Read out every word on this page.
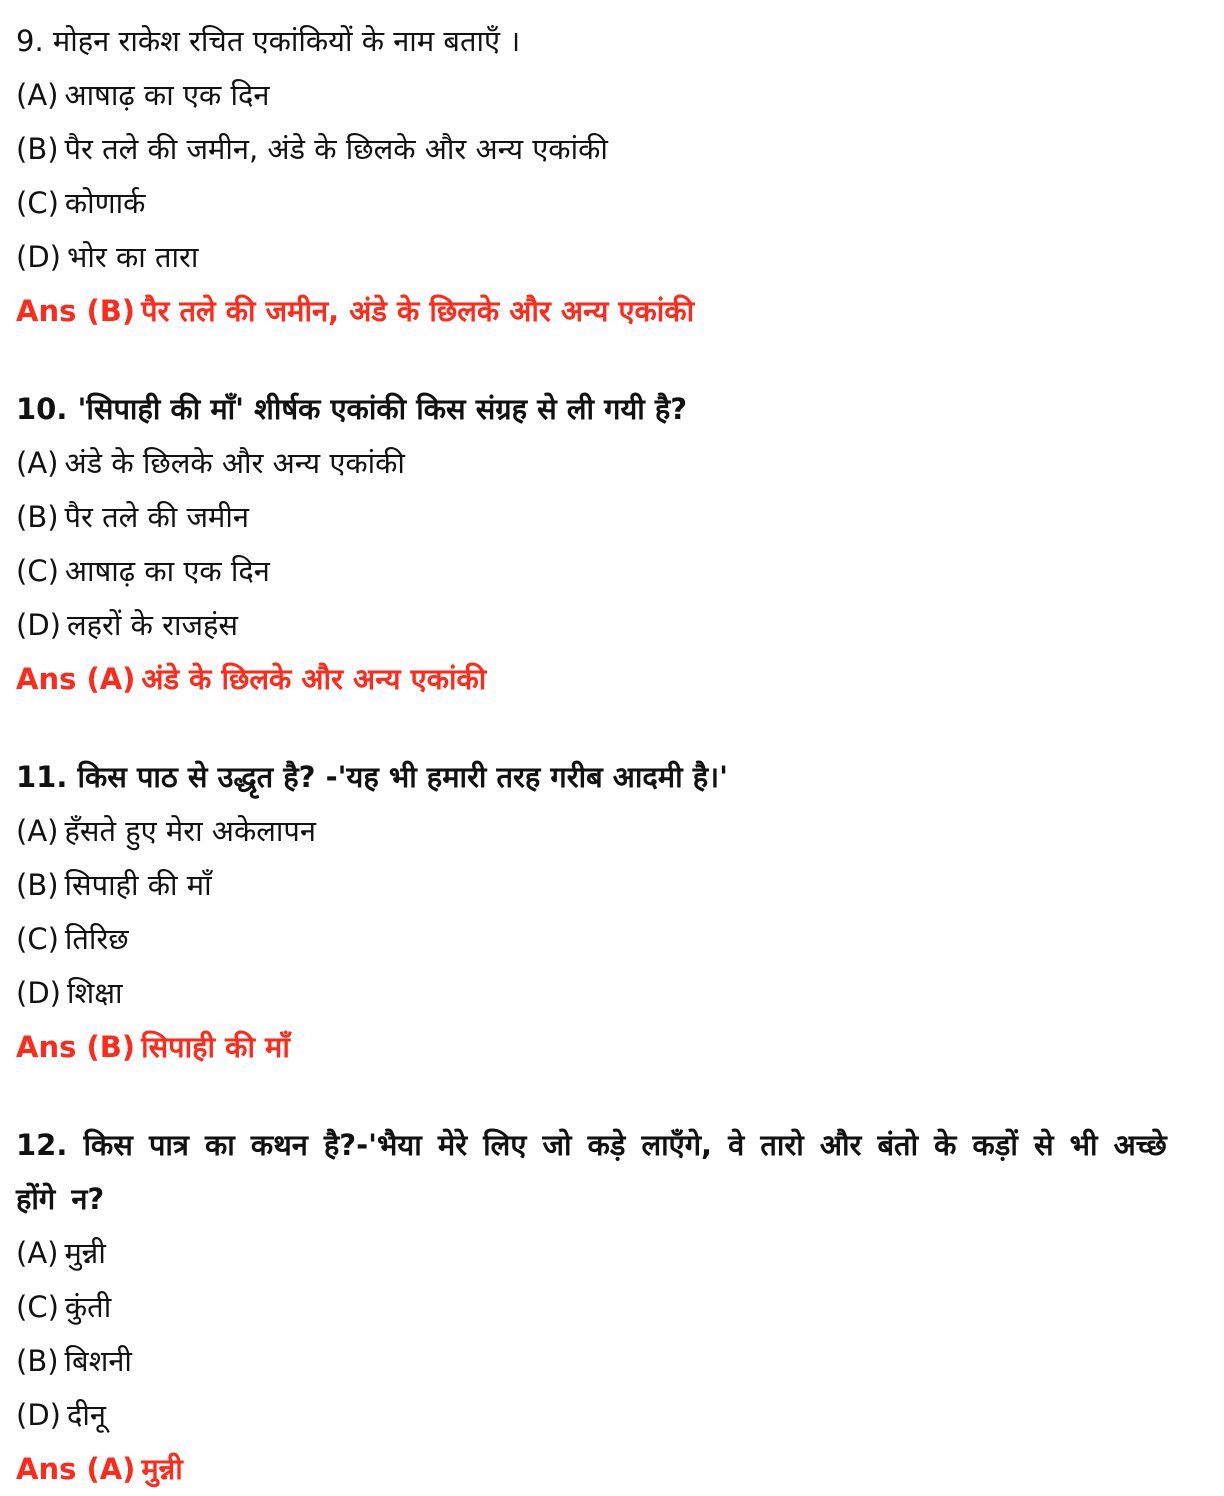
9. मोहन राकेश रचित एकांकियों के नाम बताएँ ।
(A) आषाढ़ का एक दिन
(B) पैर तले की जमीन, अंडे के छिलके और अन्य एकांकी
(C) कोणार्क
(D) भोर का तारा
Ans (B) पैर तले की जमीन, अंडे के छिलके और अन्य एकांकी
10. 'सिपाही की माँ' शीर्षक एकांकी किस संग्रह से ली गयी है?
(A) अंडे के छिलके और अन्य एकांकी
(B) पैर तले की जमीन
(C) आषाढ़ का एक दिन
(D) लहरों के राजहंस
Ans (A) अंडे के छिलके और अन्य एकांकी
11. किस पाठ से उद्धृत है? -'यह भी हमारी तरह गरीब आदमी है।'
(A) हँसते हुए मेरा अकेलापन
(B) सिपाही की माँ
(C) तिरिछ
(D) शिक्षा
Ans (B) सिपाही की माँ
12. किस पात्र का कथन है?-'भैया मेरे लिए जो कड़े लाएँगे, वे तारो और बंतो के कड़ों से भी अच्छे होंगे न?
(A) मुन्नी
(C) कुंती
(B) बिशनी
(D) दीनू
Ans (A) मुन्नी
